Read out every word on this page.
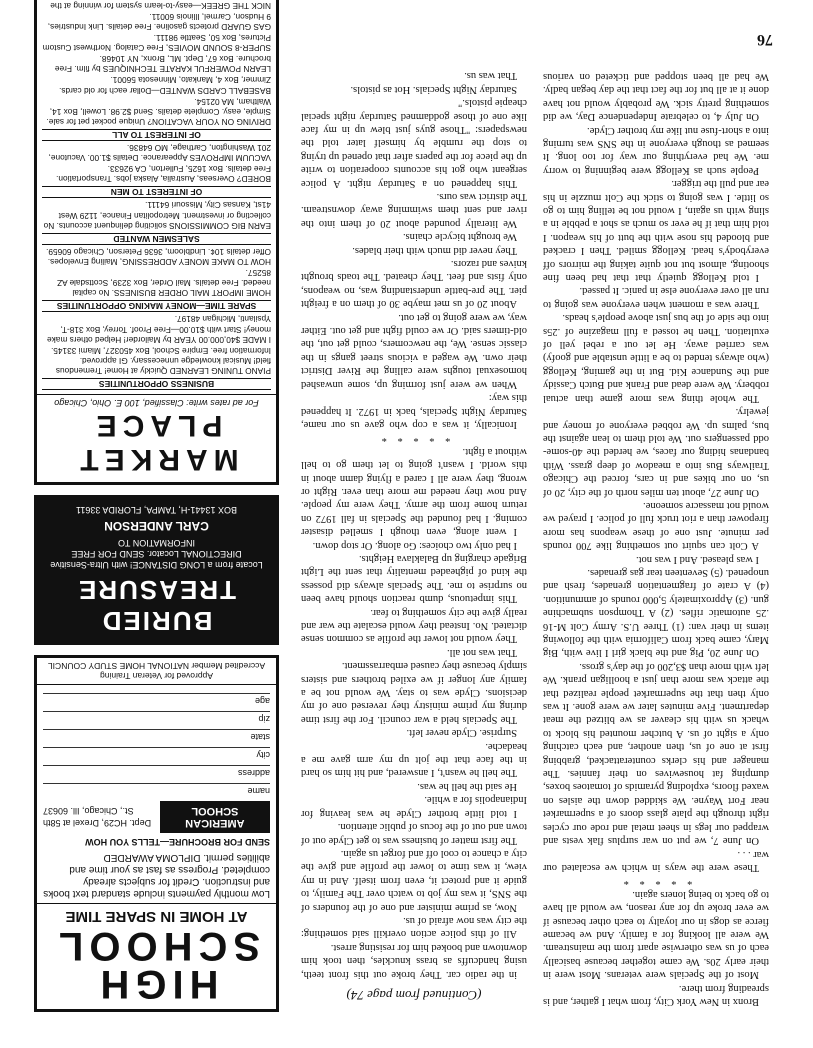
Bronx in New York City, from what I gather, and is spreading from there.

Most of the Specials were veterans. Most were in their early 20s. We came together because basically each of us was otherwise apart from the mainstream. We were all looking for a family. And we became fierce as dogs in our loyalty to each other because if we ever broke up for any reason, we would all have to go back to being loners again.

* * * * *

These were the ways in which we escalated our war . . .

On June 7, we put on war surplus flak vests and wrapped our legs in sheet metal and rode our cycles right through the plate glass doors of a supermarket near Fort Wayne. We skidded down the aisles on waxed floors, exploding pyramids of tomatoes boxes, dumping fat housewives on their fannies. The manager and his clerks counterattacked, grabbing first at one of us, then another, and each catching only a sight of us. A butcher mounted his block to whack us with his cleaver as we blitzed the meat department. Five minutes later we were gone. It was only then that the supermarket people realized that the attack was more than just a hoolligan prank. We left with more than $3,200 of the day's gross.

On June 20, Pig and the black girl I live with, Big Mary, came back from California with the following items in their van: (1) Three U.S. Army Colt M-16 .25 automatic rifles. (2) A Thompson submachine gun. (3) Approximately 5,000 rounds of ammunition. (4) A crate of fragmentation grenades, fresh and unopened. (5) Seventeen tear gas grenades.

I was pleased. And I was not.

A Colt can squirt out something like 700 rounds per minute. Just one of these weapons has more firepower than a riot truck full of police. I prayed we would not massacre someone.

On June 27, about ten miles north of the city, 20 of us, on our bikes and in cars, forced the Chicago Trailways Bus into a meadow of deep grass. With bandanas hiding our faces, we herded the 40-some-odd passengers out. We told them to lean against the bus, palms up. We robbed everyone of money and jewelry.

The whole thing was more game than actual robbery. We were dead and Frank and Butch Cassidy and the Sundance Kid. But in the gaming, Kellogg (who always tended to be a little unstable and goofy) was carried away. He let out a rebel yell of exultation. Then he tossed a full magazine of .25s into the side of the bus just above people's heads.

There was a moment when everyone was going to run all over everyone else in panic. It passed.

I told Kellogg quietly that that had been fine shooting, almost but not quite taking the mirrors off everybody's head. Kellogg smiled. Then I cracked and blooded his nose with the butt of his weapon. I told him that if he ever so much as shot a pebble in a sling with us again, I would not be telling him to go so little. I was going to stick the Colt muzzle in his ear and pull the trigger.

People such as Kellogg were beginning to worry me. We had everything our way for too long. It seemed as though everyone in the SNS was turning into a short-fuse nut like my brother Clyde.

On July 4, to celebrate Independence Day, we did something pretty sick. We probably would not have done it at all but for the fact that the day began badly. We had all been stopped and ticketed on various

(Continued from page 74)

in the radio car. They broke out this front teeth, using handcuffs as brass knuckles, then took him downtown and booked him for resisting arrest.

All of this police action overkill said something: the city was now afraid of us.

Now, as prime minister and one of the founders of the SNS, it was my job to watch over The Family, to guide it and protect it, even from itself. And in my view, it was time to lower the profile and give the city a chance to cool off and forget us again.

The first matter of business was to get Clyde out of town and out of the focus of public attention.

I told little brother Clyde he was leaving for Indianapolis for a while.

He said the hell he was.

The hell he wasn't, I answered, and hit him so hard in the face that the jolt up my arm gave me a headache.

Surprise. Clyde never left.

The Specials held a war council. For the first time during my prime ministry they reversed one of my decisions. Clyde was to stay. We would not be a family any longer if we exiled brothers and sisters simply because they caused embarrassment.

That was not all.

They would not lower the profile as common sense dictated. No. Instead they would escalate the war and really give the city something to fear.

This impetuous, dumb reaction should have been no surprise to me. The Specials always did possess the kind of pigheaded mentality that sent the Light Brigade charging up Balaklava Heights.

I had only two choices: Go along. Or stop down.

I went along, even though I smelled disaster coming. I had founded the Specials in fall 1972 on return home from the army. They were my people. And now they needed me more than ever. Right or wrong, they were all I cared a flying damn about in this world. I wasn't going to let them go to hell without a fight.

* * * * *

Ironically, it was a cop who gave us our name, Saturday Night Specials, back in 1972. It happened this way:

When we were just forming up, some unwashed homosexual toughs were calling the River District their own. We waged a vicious street gangs in the classic sense. We, the newcomers, could get out, the old-timers said. Or we could fight and get out. Either way, we were going to get out.

About 20 of us met maybe 30 of them on a freight pier. The pre-battle understanding was, no weapons, only fists and feet. They cheated. The toads brought knives and razors.

They never did much with their blades.

We brought bicycle chains.

We literally pounded about 20 of them into the river and sent them swimming away downstream. The district was ours.

This happened on a Saturday night. A police sergeant who got his accounts cooperation to write up the piece for the papers after that opened up trying to stop the rumble by himself later told the newspapers: "Those guys just blew up in my face like one of those goddamned Saturday night special cheapie pistols."

Saturday Night Specials. Hot as pistols.

That was us.

HIGH
SCHOOL
AT HOME IN SPARE TIME
Low monthly payments include standard text books and instruction. Credit for subjects already completed. Progress as fast as your time and abilities permit. DIPLOMA AWARDED
SEND FOR BROCHURE—TELLS YOU HOW
AMERICAN SCHOOL
Dept. HC29, Drexel at 58th St., Chicago, Ill. 60637
name
address
city
state
zip
age
Approved for Veteran Training
Accredited Member NATIONAL HOME STUDY COUNCIL
BURIED TREASURE
Locate from a LONG DISTANCE! with Ultra-Sensitive DIRECTIONAL Locator. SEND FOR FREE INFORMATION TO
CARL ANDERSON
BOX 13441-H, TAMPA, FLORIDA 33611
MARKET PLACE
For ad rates write: Classified, 100 E. Ohio, Chicago
BUSINESS OPPORTUNITIES
PIANO TUNING LEARNED Quickly at Home! Tremendous field! Musical knowledge unnecessary. GI approved. Information free. Empire School, Box 450327, Miami 33145.
I MADE $40,000.00 YEAR by Mailorder! Helped others make money! Start with $10.00—Free Proof. Torrey, Box 318-T, Ypsilanti, Michigan 48197.
SPARE TIME—MONEY MAKING OPPORTUNITIES
HOME IMPORT MAIL ORDER BUSINESS. No capital needed. Free details. Mail Order, Box 3239, Scottsdale AZ 85257.
HOW TO MAKE MONEY ADDRESSING, Mailing Envelopes. Offer details 10¢. Lindbloom, 3636 Peterson, Chicago 60659.
SALESMEN WANTED
EARN BIG COMMISSIONS soliciting delinquent accounts. No collecting or investment. Metropolitan Finance, 1129 West 41st, Kansas City, Missouri 64111.
OF INTEREST TO MEN
BORED? Overseas, Australia, Alaska jobs. Transportation. Free details. Box 1625, Fullerton, CA 92633.
VACUUM IMPROVES Appearance. Details $1.00. Vacutone, 201 Washington, Carthage, MO 64836.
OF INTEREST TO ALL
DRIVING ON YOUR VACATION? Unique pocket pet for sale. Simple, easy. Complete details. Send $2.98. Lowell, Box 14, Waltham, MA 02154.
BASEBALL CARDS WANTED—Dollar each for old cards. Zimmer, Box 4, Mankato, Minnesota 56001.
LEARN POWERFUL KARATE TECHNIQUES by film. Free brochure. Box 67, Dept. ML, Bronx, NY 10468.
SUPER-8 SOUND MOVIES, Free Catalog. Northwest Custom Pictures, Box 50, Seattle 98111.
GAS GUARD protects gasoline. Free details. Link Industries, 9 Hudson, Carmel, Illinois 60011.
NICK THE GREEK—easy-to-learn system for winning at the
76
